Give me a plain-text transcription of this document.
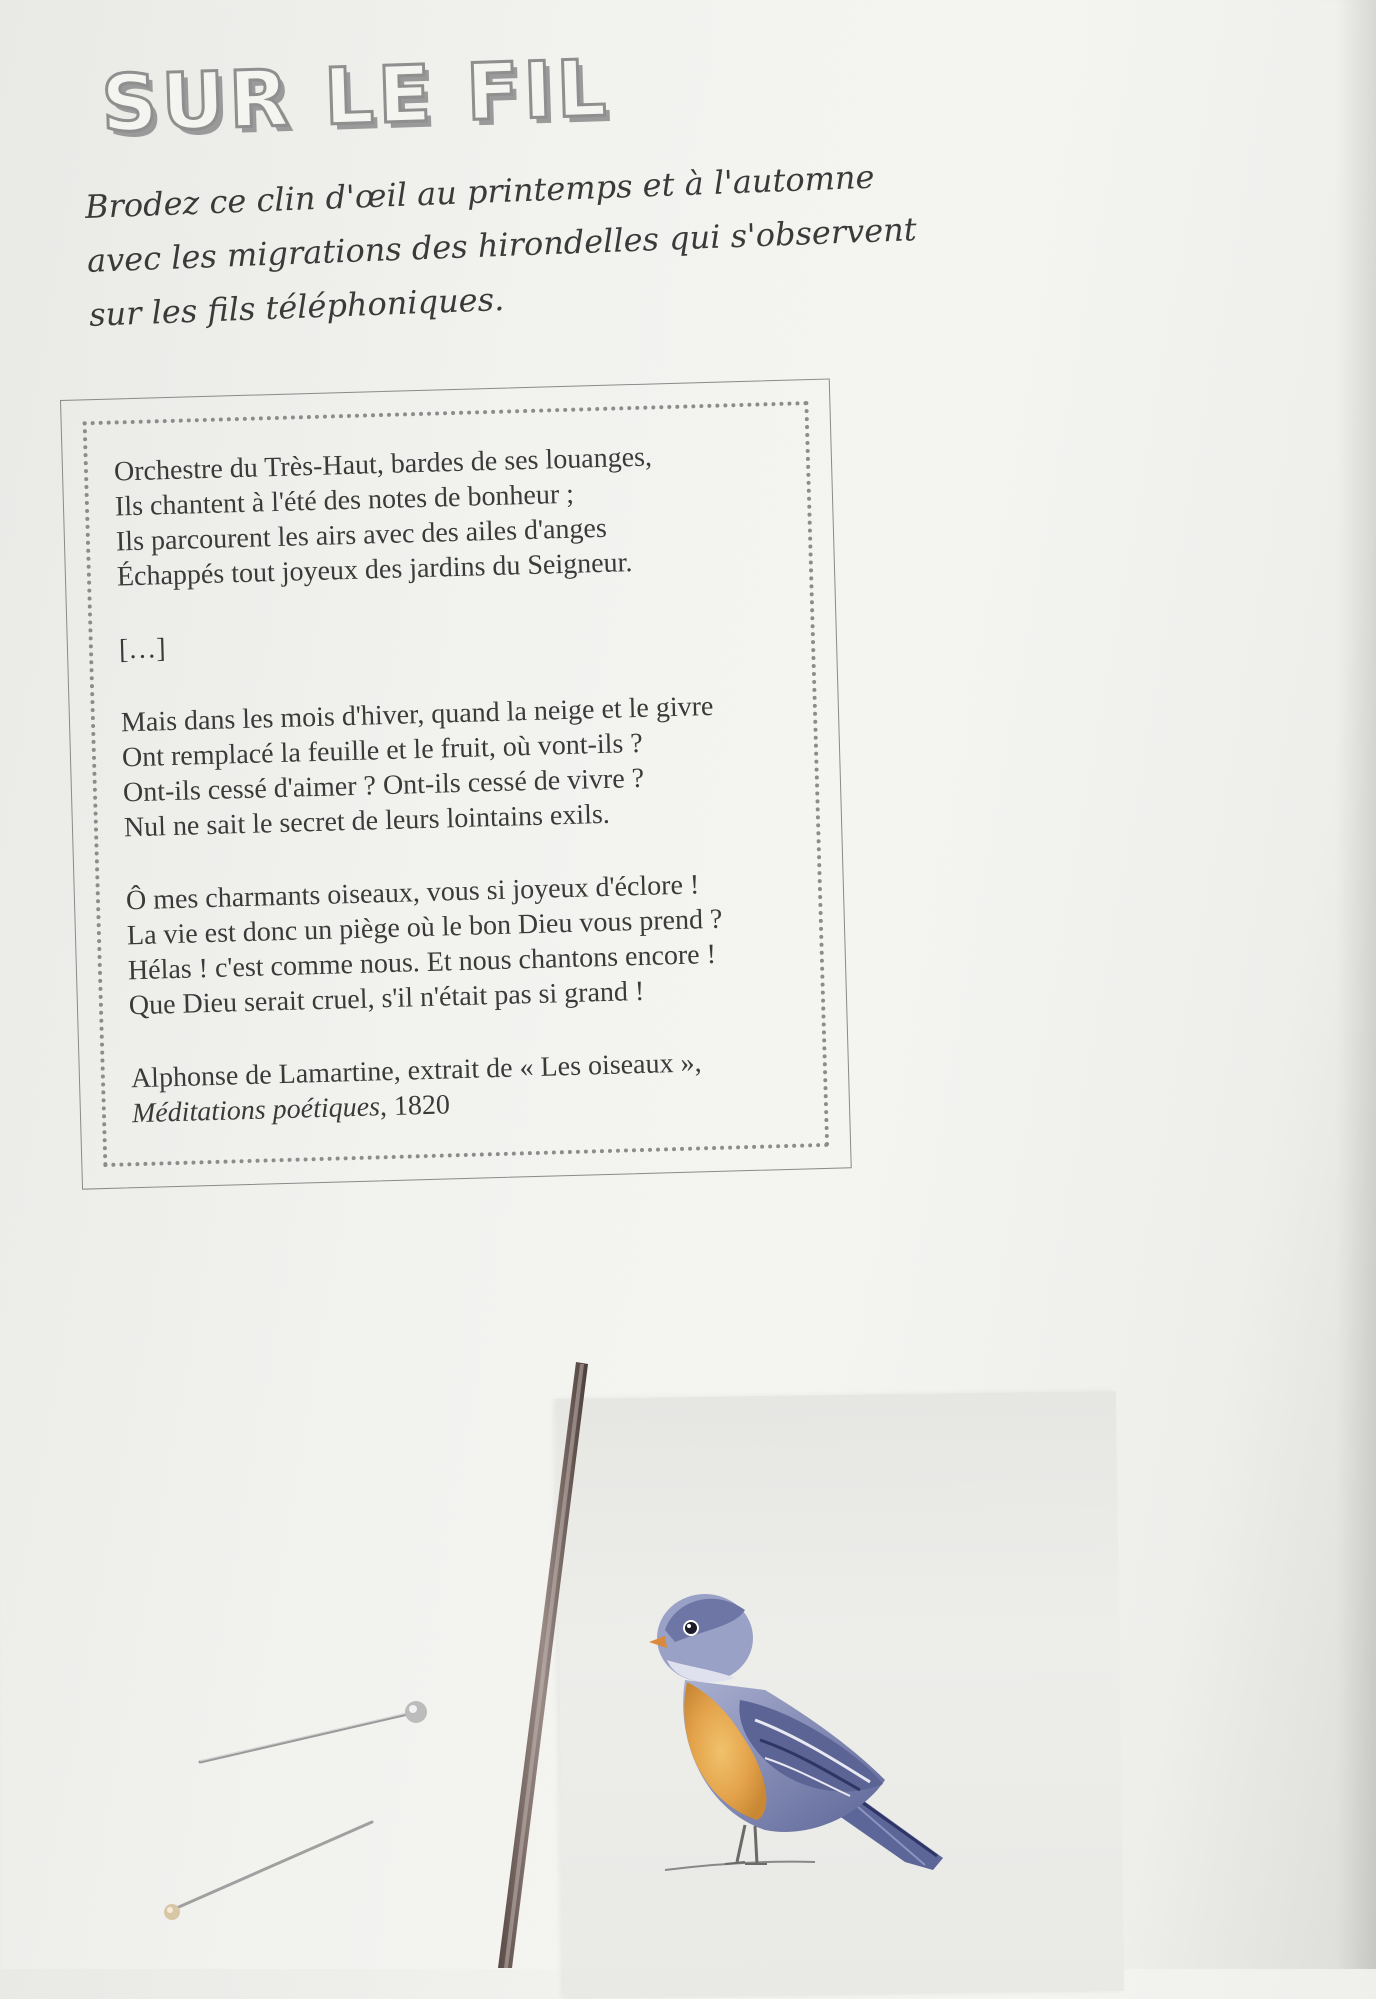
SUR LE FIL
Brodez ce clin d'œil au printemps et à l'automne
avec les migrations des hirondelles qui s'observent
sur les fils téléphoniques.
Orchestre du Très-Haut, bardes de ses louanges,
Ils chantent à l'été des notes de bonheur ;
Ils parcourent les airs avec des ailes d'anges
Échappés tout joyeux des jardins du Seigneur.
[…]
Mais dans les mois d'hiver, quand la neige et le givre
Ont remplacé la feuille et le fruit, où vont-ils ?
Ont-ils cessé d'aimer ? Ont-ils cessé de vivre ?
Nul ne sait le secret de leurs lointains exils.
Ô mes charmants oiseaux, vous si joyeux d'éclore !
La vie est donc un piège où le bon Dieu vous prend ?
Hélas ! c'est comme nous. Et nous chantons encore !
Que Dieu serait cruel, s'il n'était pas si grand !
Alphonse de Lamartine, extrait de « Les oiseaux »,
Méditations poétiques, 1820
